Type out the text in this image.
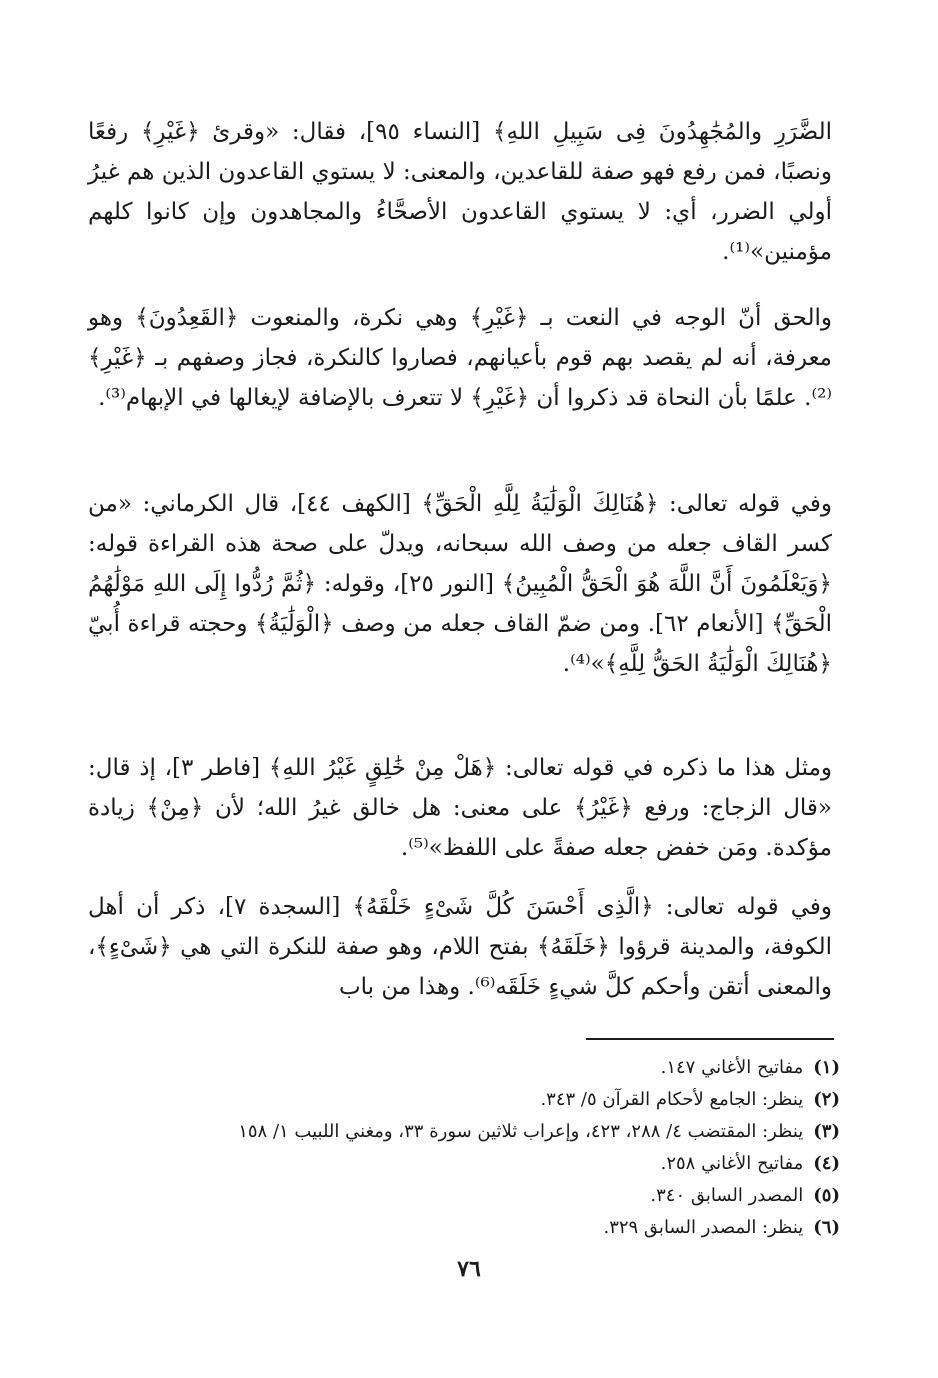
الضَّرَرِ والمُجَٰهِدُونَ فِى سَبِيلِ اللهِ﴾ [النساء ٩٥]، فقال: «وقرئ ﴿غَيْرِ﴾ رفعًا ونصبًا، فمن رفع فهو صفة للقاعدين، والمعنى: لا يستوي القاعدون الذين هم غيرُ أولي الضرر، أي: لا يستوي القاعدون الأصحَّاءُ والمجاهدون وإن كانوا كلهم مؤمنين»⁽¹⁾.

والحق أنّ الوجه في النعت بـ ﴿غَيْرِ﴾ وهي نكرة، والمنعوت ﴿القَعِدُونَ﴾ وهو معرفة، أنه لم يقصد بهم قوم بأعيانهم، فصاروا كالنكرة، فجاز وصفهم بـ ﴿غَيْرِ﴾⁽²⁾. علمًا بأن النحاة قد ذكروا أن ﴿غَيْرِ﴾ لا تتعرف بالإضافة لإيغالها في الإبهام⁽³⁾.

وفي قوله تعالى: ﴿هُنَالِكَ الْوَلَٰيَةُ لِلَّهِ الْحَقِّ﴾ [الكهف ٤٤]، قال الكرماني: «من كسر القاف جعله من وصف الله سبحانه، ويدلّ على صحة هذه القراءة قوله: ﴿وَيَعْلَمُونَ أَنَّ اللَّهَ هُوَ الْحَقُّ الْمُبِينُ﴾ [النور ٢٥]، وقوله: ﴿ثُمَّ رُدُّوا إِلَى اللهِ مَوْلَٰهُمُ الْحَقِّ﴾ [الأنعام ٦٢]. ومن ضمّ القاف جعله من وصف ﴿الْوَلَٰيَةُ﴾ وحجته قراءة أُبيّ ﴿هُنَالِكَ الْوَلَٰيَةُ الحَقُّ لِلَّهِ﴾»⁽⁴⁾.

ومثل هذا ما ذكره في قوله تعالى: ﴿هَلْ مِنْ خَٰلِقٍ غَيْرُ اللهِ﴾ [فاطر ٣]، إذ قال: «قال الزجاج: ورفع ﴿غَيْرُ﴾ على معنى: هل خالق غيرُ الله؛ لأن ﴿مِنْ﴾ زيادة مؤكدة. ومَن خفض جعله صفةً على اللفظ»⁽⁵⁾.

وفي قوله تعالى: ﴿الَّذِى أَحْسَنَ كُلَّ شَىْءٍ خَلْقَهُ﴾ [السجدة ٧]، ذكر أن أهل الكوفة، والمدينة قرؤوا ﴿خَلَقَهُ﴾ بفتح اللام، وهو صفة للنكرة التي هي ﴿شَىْءٍ﴾، والمعنى أتقن وأحكم كلَّ شيءٍ خَلَقَه⁽⁶⁾. وهذا من باب

(١)مفاتيح الأغاني ١٤٧.
(٢)ينظر: الجامع لأحكام القرآن ٥/ ٣٤٣.
(٣)ينظر: المقتضب ٤/ ٢٨٨، ٤٢٣، وإعراب ثلاثين سورة ٣٣، ومغني اللبيب ١/ ١٥٨
(٤)مفاتيح الأغاني ٢٥٨.
(٥)المصدر السابق ٣٤٠.
(٦)ينظر: المصدر السابق ٣٢٩.
٧٦
